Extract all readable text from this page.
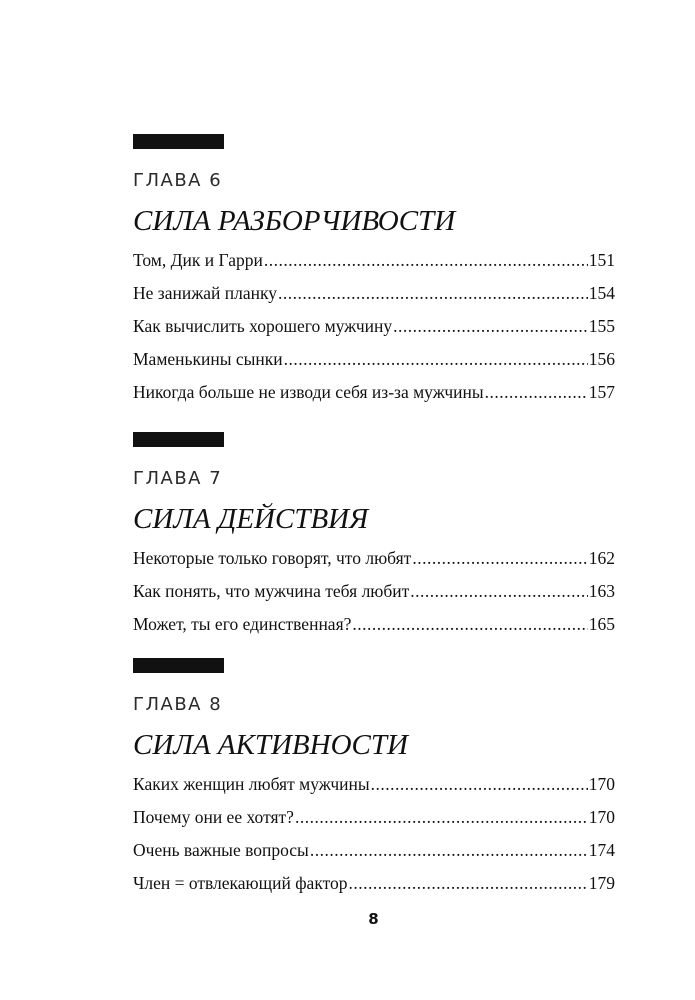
ГЛАВА 6
СИЛА РАЗБОРЧИВОСТИ
Том, Дик и Гарри .....	151
Не занижай планку .....	154
Как вычислить хорошего мужчину .....	155
Маменькины сынки .....	156
Никогда больше не изводи себя из-за мужчины .....	157
ГЛАВА 7
СИЛА ДЕЙСТВИЯ
Некоторые только говорят, что любят .....	162
Как понять, что мужчина тебя любит .....	163
Может, ты его единственная? .....	165
ГЛАВА 8
СИЛА АКТИВНОСТИ
Каких женщин любят мужчины .....	170
Почему они ее хотят? .....	170
Очень важные вопросы .....	174
Член = отвлекающий фактор .....	179
8
